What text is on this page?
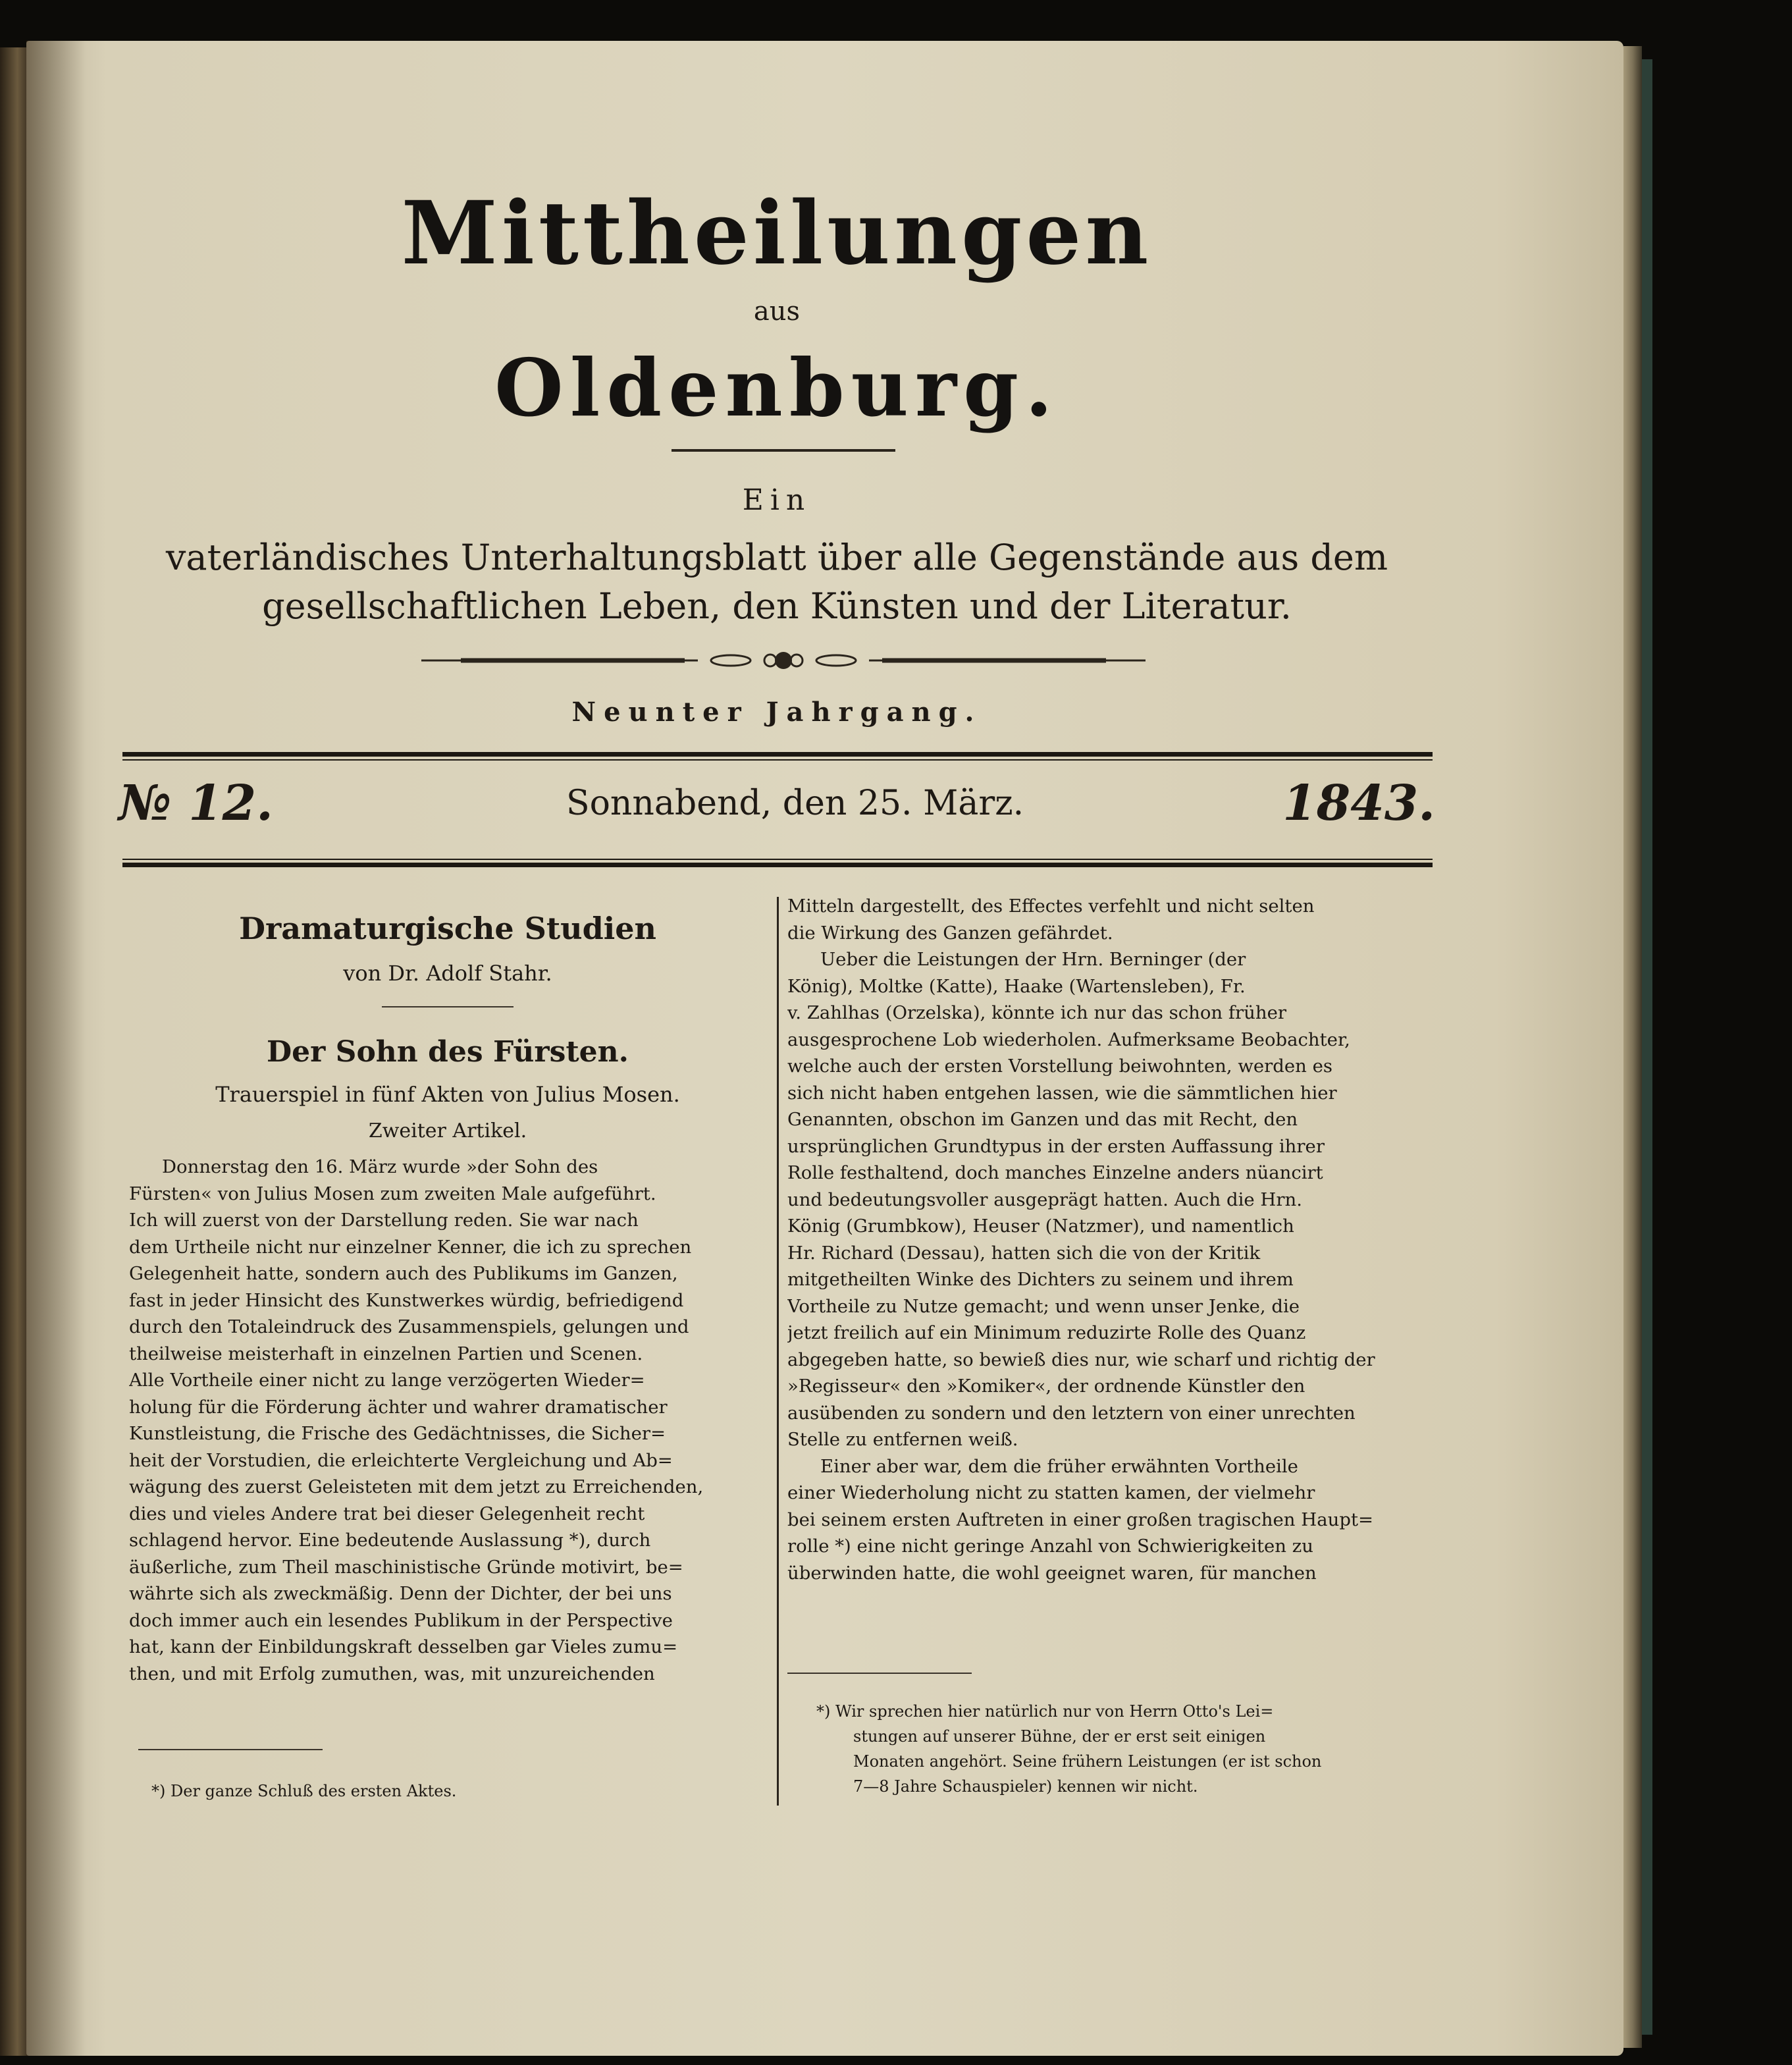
Mittheilungen
aus
Oldenburg.
Ein
vaterländisches Unterhaltungsblatt über alle Gegenstände aus dem gesellschaftlichen Leben, den Künsten und der Literatur.
Neunter Jahrgang.
№ 12.	Sonnabend, den 25. März.	1843.
Dramaturgische Studien
von Dr. Adolf Stahr.
Der Sohn des Fürsten.
Trauerspiel in fünf Akten von Julius Mosen.
Zweiter Artikel.
Donnerstag den 16. März wurde »der Sohn des
Fürsten« von Julius Mosen zum zweiten Male aufgeführt.
Ich will zuerst von der Darstellung reden. Sie war nach
dem Urtheile nicht nur einzelner Kenner, die ich zu sprechen
Gelegenheit hatte, sondern auch des Publikums im Ganzen,
fast in jeder Hinsicht des Kunstwerkes würdig, befriedigend
durch den Totaleindruck des Zusammenspiels, gelungen und
theilweise meisterhaft in einzelnen Partien und Scenen.
Alle Vortheile einer nicht zu lange verzögerten Wieder=
holung für die Förderung ächter und wahrer dramatischer
Kunstleistung, die Frische des Gedächtnisses, die Sicher=
heit der Vorstudien, die erleichterte Vergleichung und Ab=
wägung des zuerst Geleisteten mit dem jetzt zu Erreichenden,
dies und vieles Andere trat bei dieser Gelegenheit recht
schlagend hervor. Eine bedeutende Auslassung *), durch
äußerliche, zum Theil maschinistische Gründe motivirt, be=
währte sich als zweckmäßig. Denn der Dichter, der bei uns
doch immer auch ein lesendes Publikum in der Perspective
hat, kann der Einbildungskraft desselben gar Vieles zumu=
then, und mit Erfolg zumuthen, was, mit unzureichenden
*) Der ganze Schluß des ersten Aktes.
Mitteln dargestellt, des Effectes verfehlt und nicht selten
die Wirkung des Ganzen gefährdet.
Ueber die Leistungen der Hrn. Berninger (der
König), Moltke (Katte), Haake (Wartensleben), Fr.
v. Zahlhas (Orzelska), könnte ich nur das schon früher
ausgesprochene Lob wiederholen. Aufmerksame Beobachter,
welche auch der ersten Vorstellung beiwohnten, werden es
sich nicht haben entgehen lassen, wie die sämmtlichen hier
Genannten, obschon im Ganzen und das mit Recht, den
ursprünglichen Grundtypus in der ersten Auffassung ihrer
Rolle festhaltend, doch manches Einzelne anders nüancirt
und bedeutungsvoller ausgeprägt hatten. Auch die Hrn.
König (Grumbkow), Heuser (Natzmer), und namentlich
Hr. Richard (Dessau), hatten sich die von der Kritik
mitgetheilten Winke des Dichters zu seinem und ihrem
Vortheile zu Nutze gemacht; und wenn unser Jenke, die
jetzt freilich auf ein Minimum reduzirte Rolle des Quanz
abgegeben hatte, so bewieß dies nur, wie scharf und richtig der
»Regisseur« den »Komiker«, der ordnende Künstler den
ausübenden zu sondern und den letztern von einer unrechten
Stelle zu entfernen weiß.
Einer aber war, dem die früher erwähnten Vortheile
einer Wiederholung nicht zu statten kamen, der vielmehr
bei seinem ersten Auftreten in einer großen tragischen Haupt=
rolle *) eine nicht geringe Anzahl von Schwierigkeiten zu
überwinden hatte, die wohl geeignet waren, für manchen
*) Wir sprechen hier natürlich nur von Herrn Otto's Lei=
stungen auf unserer Bühne, der er erst seit einigen
Monaten angehört. Seine frühern Leistungen (er ist schon
7—8 Jahre Schauspieler) kennen wir nicht.
